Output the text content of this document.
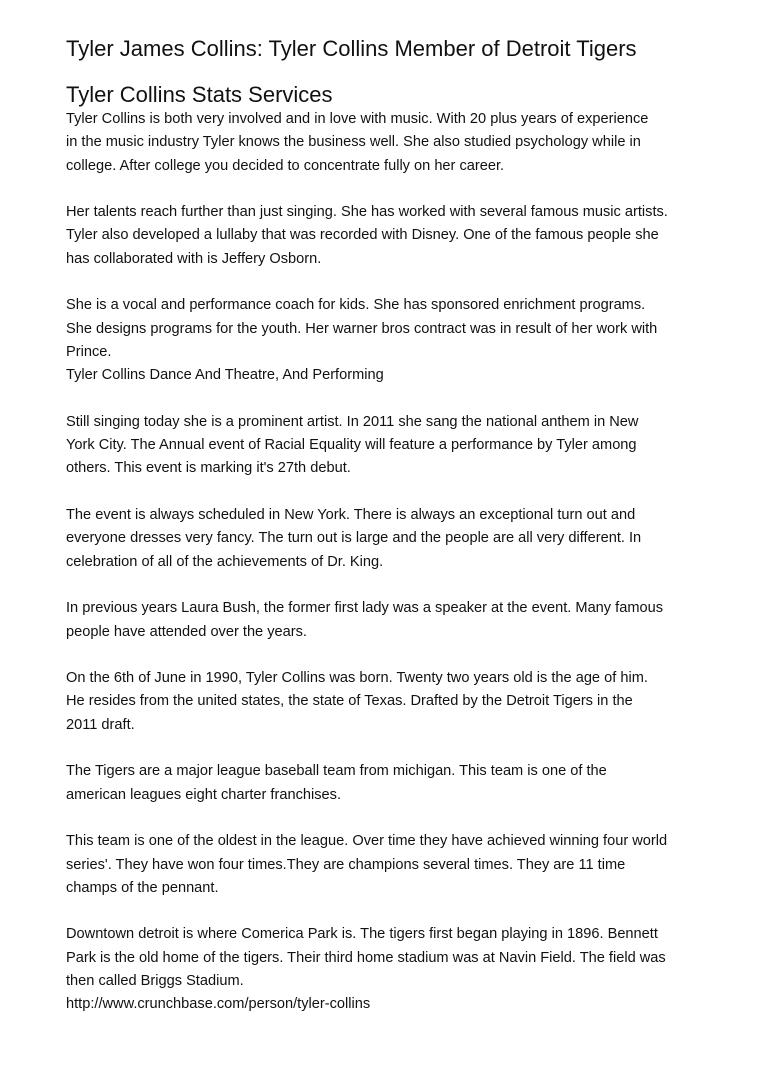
Tyler James Collins: Tyler Collins Member of Detroit Tigers
Tyler Collins Stats Services
Tyler Collins is both very involved and in love with music. With 20 plus years of experience
in the music industry Tyler knows the business well. She also studied psychology while in
college. After college you decided to concentrate fully on her career.
Her talents reach further than just singing. She has worked with several famous music artists.
Tyler also developed a lullaby that was recorded with Disney. One of the famous people she
has collaborated with is Jeffery Osborn.
She is a vocal and performance coach for kids. She has sponsored enrichment programs.
She designs programs for the youth. Her warner bros contract was in result of her work with
Prince.
Tyler Collins Dance And Theatre, And Performing
Still singing today she is a prominent artist. In 2011 she sang the national anthem in New
York City. The Annual event of Racial Equality will feature a performance by Tyler among
others. This event is marking it's 27th debut.
The event is always scheduled in New York. There is always an exceptional turn out and
everyone dresses very fancy. The turn out is large and the people are all very different. In
celebration of all of the achievements of Dr. King.
In previous years Laura Bush, the former first lady was a speaker at the event. Many famous
people have attended over the years.
On the 6th of June in 1990, Tyler Collins was born. Twenty two years old is the age of him.
He resides from the united states, the state of Texas. Drafted by the Detroit Tigers in the
2011 draft.
The Tigers are a major league baseball team from michigan. This team is one of the
american leagues eight charter franchises.
This team is one of the oldest in the league. Over time they have achieved winning four world
series'. They have won four times.They are champions several times. They are 11 time
champs of the pennant.
Downtown detroit is where Comerica Park is. The tigers first began playing in 1896. Bennett
Park is the old home of the tigers. Their third home stadium was at Navin Field. The field was
then called Briggs Stadium.
http://www.crunchbase.com/person/tyler-collins
